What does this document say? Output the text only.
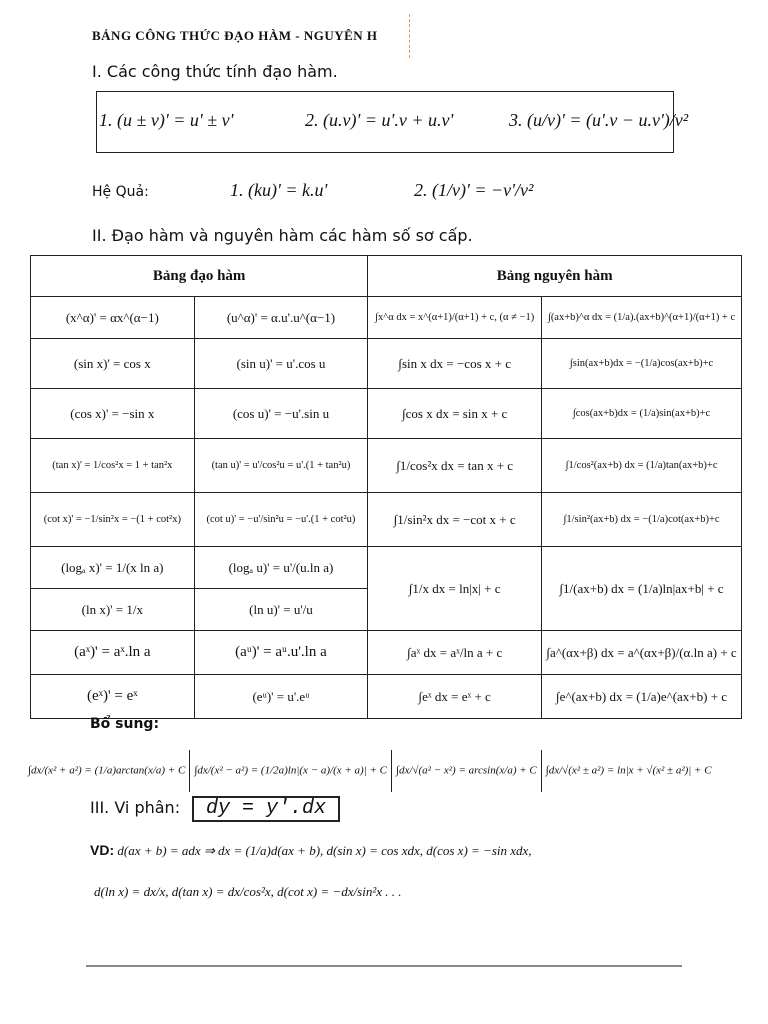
BẢNG CÔNG THỨC ĐẠO HÀM - NGUYÊN H
I. Các công thức tính đạo hàm.
1. (u ± v)' = u' ± v'	2. (u.v)' = u'.v + u.v'	3. (u/v)' = (u'.v − u.v')/v²
Hệ Quả:	1. (ku)' = k.u'	2. (1/v)' = −v'/v²
II. Đạo hàm và nguyên hàm các hàm số sơ cấp.
Bảng đạo hàm		Bảng nguyên hàm	
(x^α)' = αx^(α−1)	(u^α)' = α.u'.u^(α−1)	∫x^α dx = x^(α+1)/(α+1) + c, (α ≠ −1)	∫(ax+b)^α dx = (1/a).(ax+b)^(α+1)/(α+1) + c
(sin x)' = cos x	(sin u)' = u'.cos u	∫sin x dx = −cos x + c	∫sin(ax+b)dx = −(1/a)cos(ax+b)+c
(cos x)' = −sin x	(cos u)' = −u'.sin u	∫cos x dx = sin x + c	∫cos(ax+b)dx = (1/a)sin(ax+b)+c
(tan x)' = 1/cos²x = 1 + tan²x	(tan u)' = u'/cos²u = u'.(1 + tan²u)	∫1/cos²x dx = tan x + c	∫1/cos²(ax+b) dx = (1/a)tan(ax+b)+c
(cot x)' = −1/sin²x = −(1 + cot²x)	(cot u)' = −u'/sin²u = −u'.(1 + cot²u)	∫1/sin²x dx = −cot x + c	∫1/sin²(ax+b) dx = −(1/a)cot(ax+b)+c
(logₐ x)' = 1/(x ln a)	(logₐ u)' = u'/(u.ln a)	∫1/x dx = ln|x| + c	∫1/(ax+b) dx = (1/a)ln|ax+b| + c
(ln x)' = 1/x	(ln u)' = u'/u		
(aˣ)' = aˣ.ln a	(aᵘ)' = aᵘ.u'.ln a	∫aˣ dx = aˣ/ln a + c	∫a^(αx+β) dx = a^(αx+β)/(α.ln a) + c
(eˣ)' = eˣ	(eᵘ)' = u'.eᵘ	∫eˣ dx = eˣ + c	∫e^(ax+b) dx = (1/a)e^(ax+b) + c
Bổ sung:
∫dx/(x² + a²) = (1/a)arctan(x/a) + C ∫dx/(x² − a²) = (1/2a)ln|(x − a)/(x + a)| + C ∫dx/√(a² − x²) = arcsin(x/a) + C ∫dx/√(x² ± a²) = ln|x + √(x² ± a²)| + C
III. Vi phân:	dy = y'.dx
VD: d(ax + b) = adx ⇒ dx = (1/a)d(ax + b), d(sin x) = cos xdx, d(cos x) = −sin xdx,
d(ln x) = dx/x, d(tan x) = dx/cos²x, d(cot x) = −dx/sin²x . . .
